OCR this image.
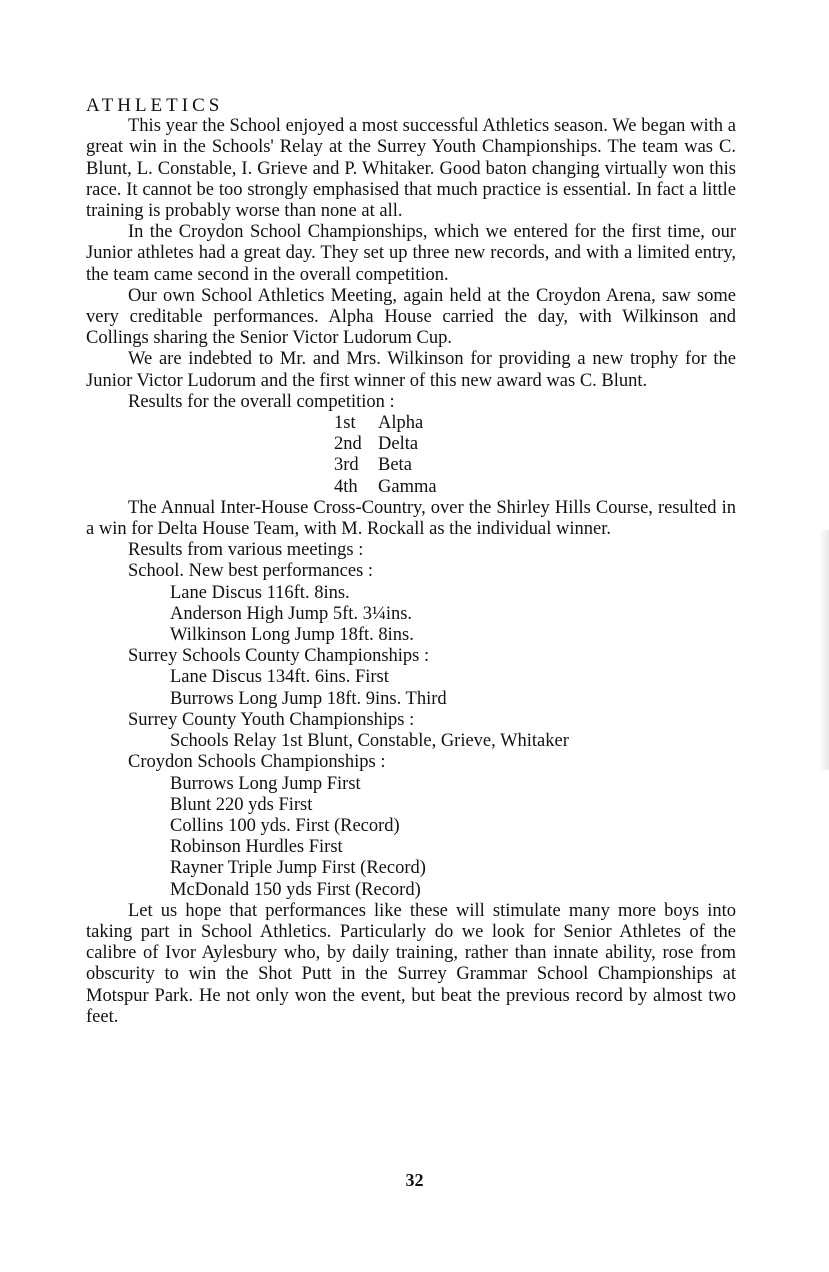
ATHLETICS

This year the School enjoyed a most successful Athletics season. We began with a great win in the Schools' Relay at the Surrey Youth Championships. The team was C. Blunt, L. Constable, I. Grieve and P. Whitaker. Good baton changing virtually won this race. It cannot be too strongly emphasised that much practice is essential. In fact a little training is probably worse than none at all.

In the Croydon School Championships, which we entered for the first time, our Junior athletes had a great day. They set up three new records, and with a limited entry, the team came second in the overall competition.

Our own School Athletics Meeting, again held at the Croydon Arena, saw some very creditable performances. Alpha House carried the day, with Wilkinson and Collings sharing the Senior Victor Ludorum Cup.

We are indebted to Mr. and Mrs. Wilkinson for providing a new trophy for the Junior Victor Ludorum and the first winner of this new award was C. Blunt.

Results for the overall competition :
1st Alpha
2nd Delta
3rd Beta
4th Gamma

The Annual Inter-House Cross-Country, over the Shirley Hills Course, resulted in a win for Delta House Team, with M. Rockall as the individual winner.

Results from various meetings :
School. New best performances :
Lane Discus 116ft. 8ins.
Anderson High Jump 5ft. 3¼ins.
Wilkinson Long Jump 18ft. 8ins.
Surrey Schools County Championships :
Lane Discus 134ft. 6ins. First
Burrows Long Jump 18ft. 9ins. Third
Surrey County Youth Championships :
Schools Relay 1st Blunt, Constable, Grieve, Whitaker
Croydon Schools Championships :
Burrows Long Jump First
Blunt 220 yds First
Collins 100 yds. First (Record)
Robinson Hurdles First
Rayner Triple Jump First (Record)
McDonald 150 yds First (Record)

Let us hope that performances like these will stimulate many more boys into taking part in School Athletics. Particularly do we look for Senior Athletes of the calibre of Ivor Aylesbury who, by daily training, rather than innate ability, rose from obscurity to win the Shot Putt in the Surrey Grammar School Championships at Motspur Park. He not only won the event, but beat the previous record by almost two feet.

32
